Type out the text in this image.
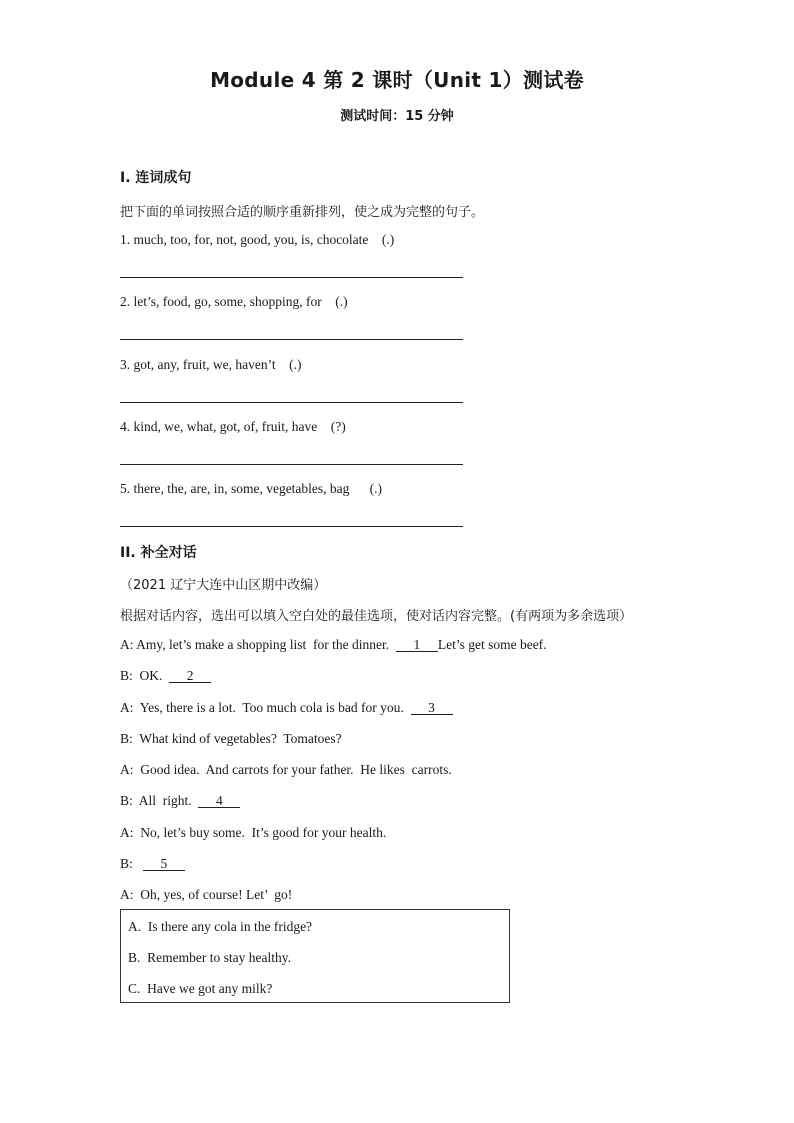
Module 4 第 2 课时（Unit 1）测试卷
测试时间：15 分钟
I. 连词成句
把下面的单词按照合适的顺序重新排列，使之成为完整的句子。
1. much, too, for, not, good, you, is, chocolate    (.)
2. let’s, food, go, some, shopping, for    (.)
3. got, any, fruit, we, haven’t    (.)
4. kind, we, what, got, of, fruit, have    (?)
5. there, the, are, in, some, vegetables, bag      (.)
II. 补全对话
（2021 辽宁大连中山区期中改编）
根据对话内容，选出可以填入空白处的最佳选项，使对话内容完整。(有两项为多余选项）
A: Amy, let’s make a shopping list  for the dinner.  1 Let’s get some beef.
B:  OK.  2
A:  Yes, there is a lot.  Too much cola is bad for you.  3
B:  What kind of vegetables?  Tomatoes?
A:  Good idea.  And carrots for your father.  He likes  carrots.
B:  All  right.  4
A:  No, let’s buy some.  It’s good for your health.
B:   5
A:  Oh, yes, of course! Let’  go!
A.  Is there any cola in the fridge?
B.  Remember to stay healthy.
C.  Have we got any milk?
